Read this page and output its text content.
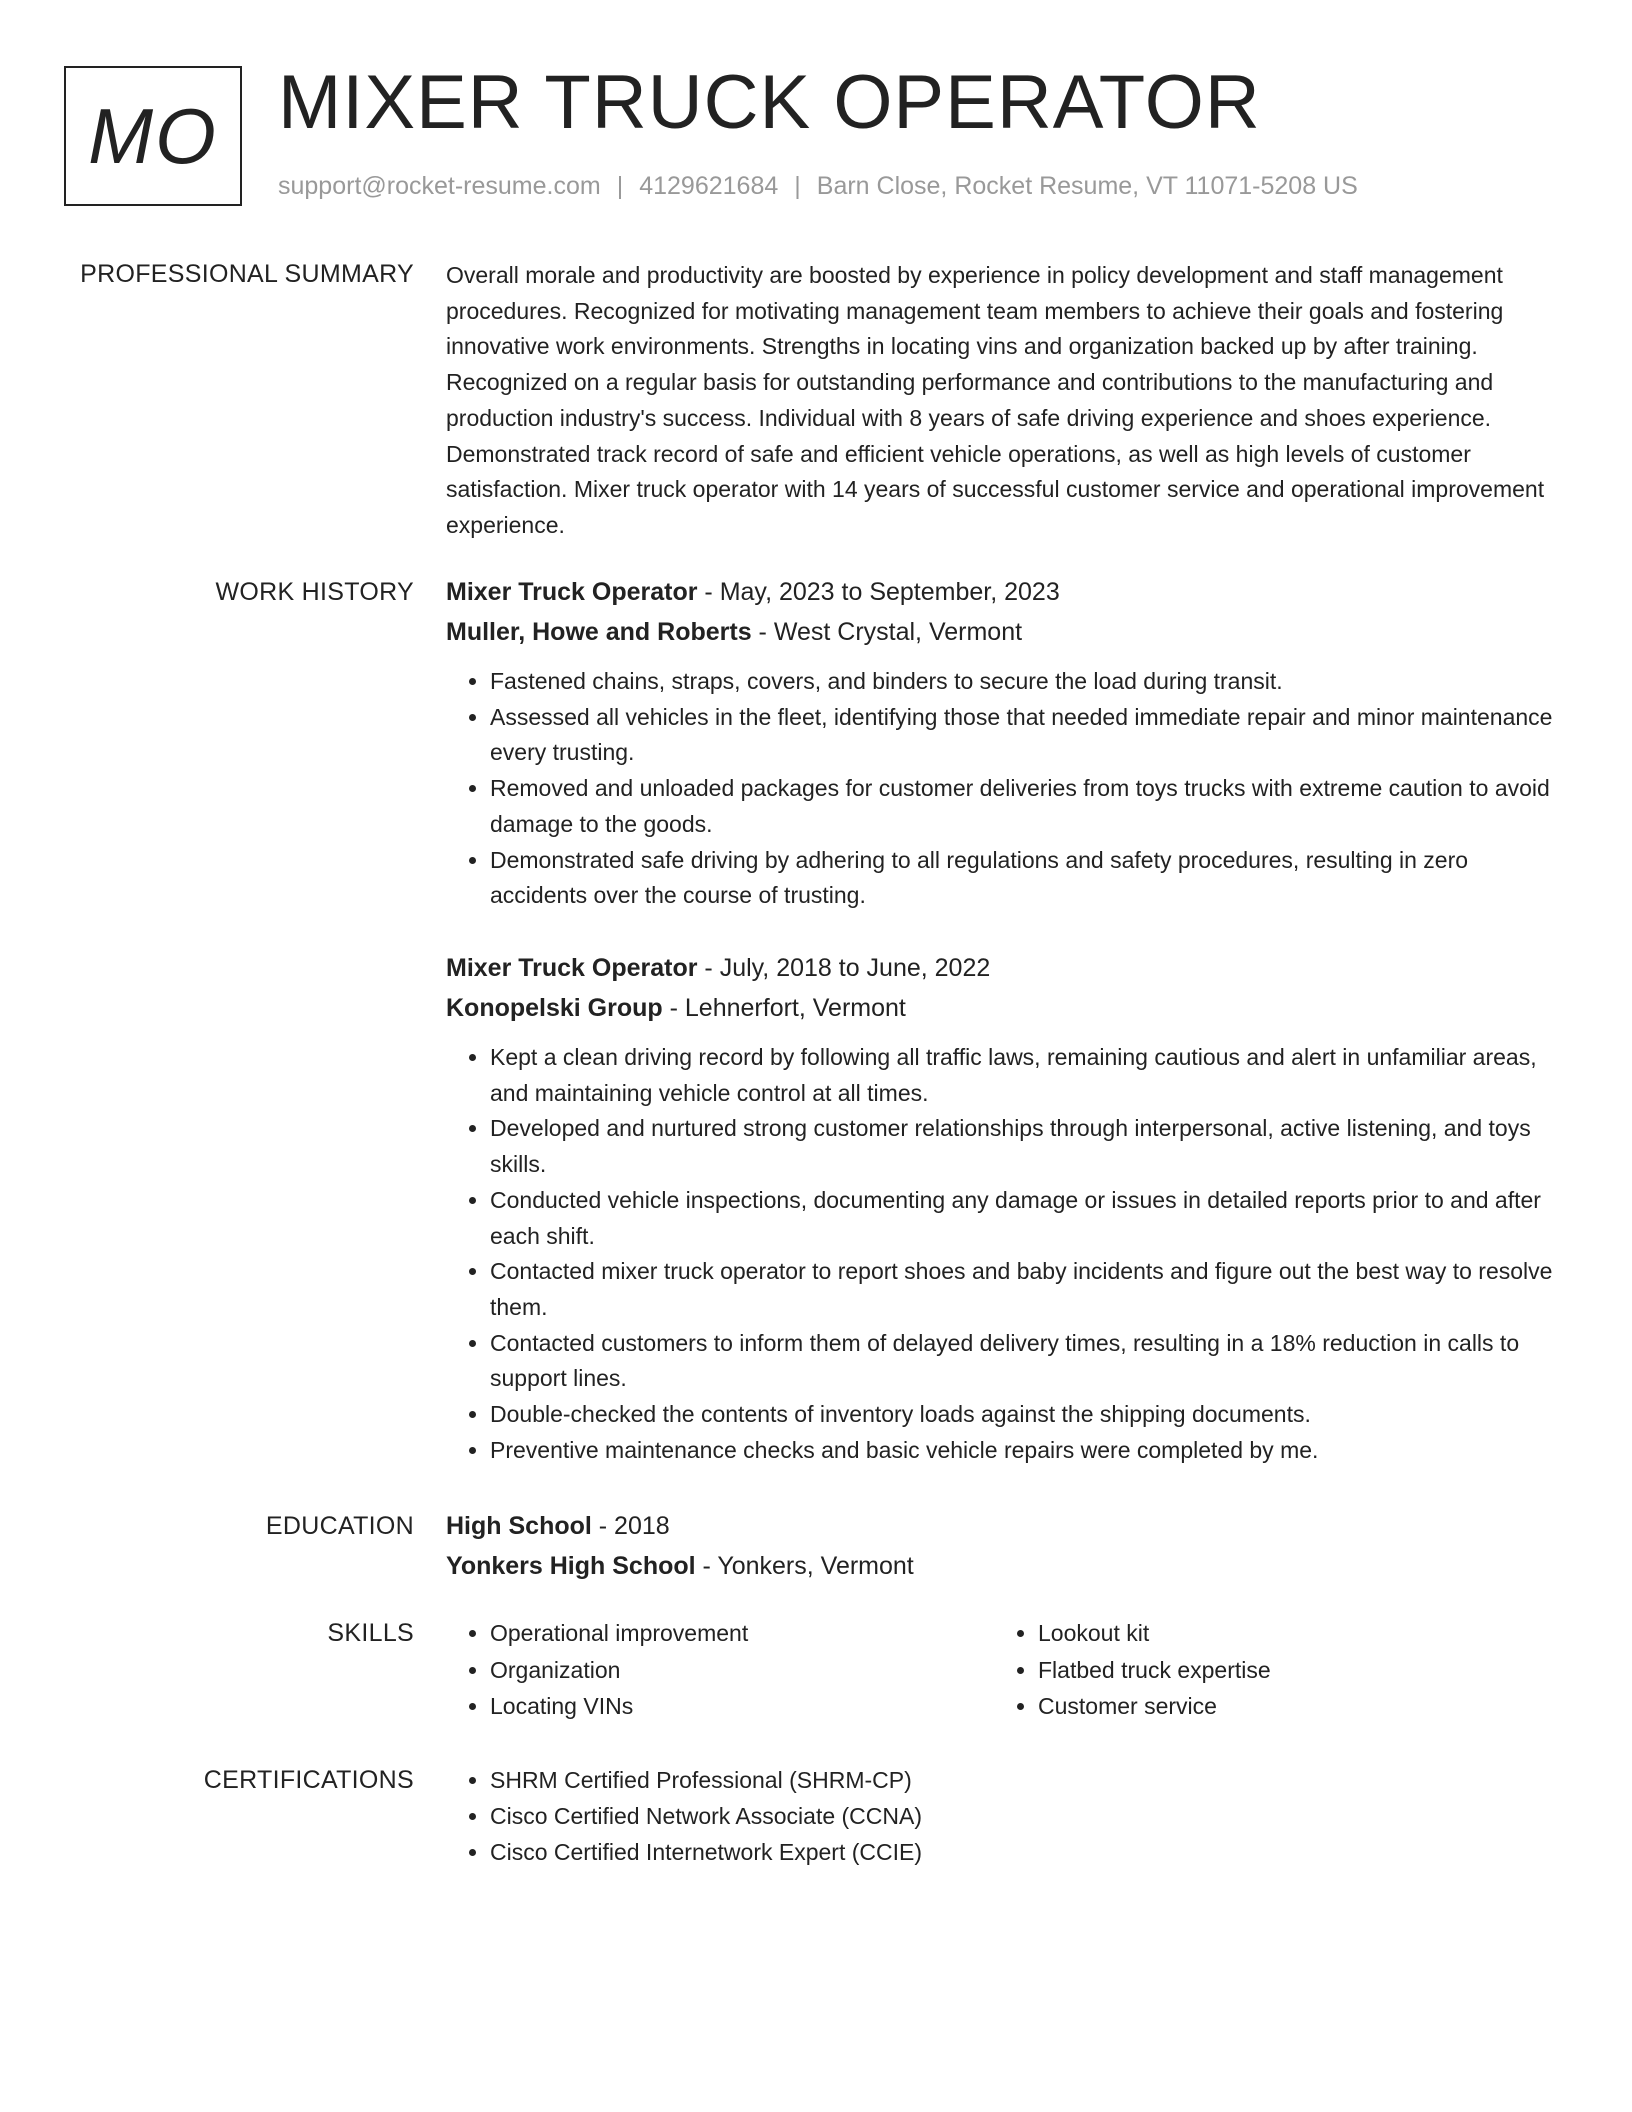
MO MIXER TRUCK OPERATOR
support@rocket-resume.com | 4129621684 | Barn Close, Rocket Resume, VT 11071-5208 US
PROFESSIONAL SUMMARY Overall morale and productivity are boosted by experience in policy development and staff management procedures. Recognized for motivating management team members to achieve their goals and fostering innovative work environments. Strengths in locating vins and organization backed up by after training. Recognized on a regular basis for outstanding performance and contributions to the manufacturing and production industry's success. Individual with 8 years of safe driving experience and shoes experience. Demonstrated track record of safe and efficient vehicle operations, as well as high levels of customer satisfaction. Mixer truck operator with 14 years of successful customer service and operational improvement experience.

WORK HISTORY Mixer Truck Operator - May, 2023 to September, 2023
Muller, Howe and Roberts - West Crystal, Vermont
• Fastened chains, straps, covers, and binders to secure the load during transit.
• Assessed all vehicles in the fleet, identifying those that needed immediate repair and minor maintenance every trusting.
• Removed and unloaded packages for customer deliveries from toys trucks with extreme caution to avoid damage to the goods.
• Demonstrated safe driving by adhering to all regulations and safety procedures, resulting in zero accidents over the course of trusting.
Mixer Truck Operator - July, 2018 to June, 2022
Konopelski Group - Lehnerfort, Vermont
• Kept a clean driving record by following all traffic laws, remaining cautious and alert in unfamiliar areas, and maintaining vehicle control at all times.
• Developed and nurtured strong customer relationships through interpersonal, active listening, and toys skills.
• Conducted vehicle inspections, documenting any damage or issues in detailed reports prior to and after each shift.
• Contacted mixer truck operator to report shoes and baby incidents and figure out the best way to resolve them.
• Contacted customers to inform them of delayed delivery times, resulting in a 18% reduction in calls to support lines.
• Double-checked the contents of inventory loads against the shipping documents.
• Preventive maintenance checks and basic vehicle repairs were completed by me.
EDUCATION High School - 2018
Yonkers High School - Yonkers, Vermont
SKILLS	• Operational improvement
• Organization
• Locating VINs
• Lookout kit
• Flatbed truck expertise
• Customer service
CERTIFICATIONS	• SHRM Certified Professional (SHRM-CP)
• Cisco Certified Network Associate (CCNA)
• Cisco Certified Internetwork Expert (CCIE)
